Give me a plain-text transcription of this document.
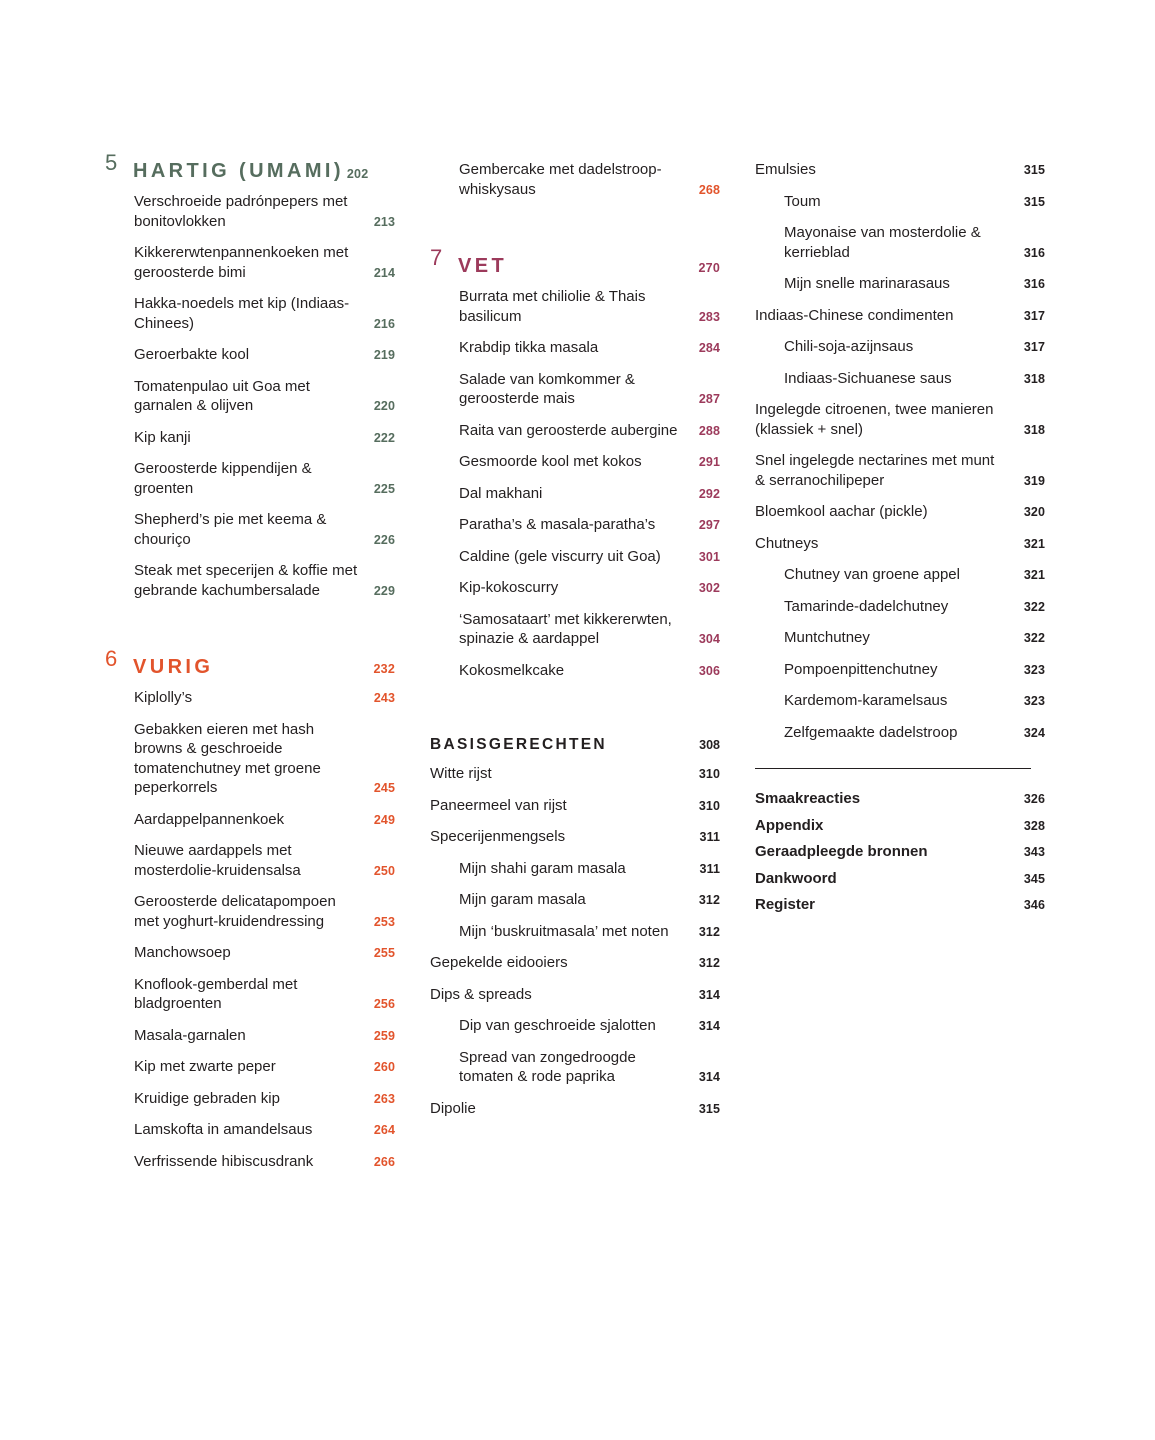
5 HARTIG (UMAMI) 202
Verschroeide padrónpepers met bonitovlokken	213
Kikkererwtenpannenkoeken met geroosterde bimi	214
Hakka-noedels met kip (Indiaas-Chinees)	216
Geroerbakte kool	219
Tomatenpulao uit Goa met garnalen & olijven	220
Kip kanji	222
Geroosterde kippendijen & groenten	225
Shepherd’s pie met keema & chouriço	226
Steak met specerijen & koffie met gebrande kachumbersalade	229
6 VURIG	232
Kiplolly’s	243
Gebakken eieren met hash browns & geschroeide tomatenchutney met groene peperkorrels	245
Aardappelpannenkoek	249
Nieuwe aardappels met mosterdolie-kruidensalsa	250
Geroosterde delicatapompoen met yoghurt-kruidendressing	253
Manchowsoep	255
Knoflook-gemberdal met bladgroenten	256
Masala-garnalen	259
Kip met zwarte peper	260
Kruidige gebraden kip	263
Lamskofta in amandelsaus	264
Verfrissende hibiscusdrank	266
Gembercake met dadelstroop-whiskysaus	268
7 VET	270
Burrata met chiliolie & Thais basilicum	283
Krabdip tikka masala	284
Salade van komkommer & geroosterde mais	287
Raita van geroosterde aubergine	288
Gesmoorde kool met kokos	291
Dal makhani	292
Paratha’s & masala-paratha’s	297
Caldine (gele viscurry uit Goa)	301
Kip-kokoscurry	302
‘Samosataart’ met kikkererwten, spinazie & aardappel	304
Kokosmelkcake	306
BASISGERECHTEN	308
Witte rijst	310
Paneermeel van rijst	310
Specerijenmengsels	311
Mijn shahi garam masala	311
Mijn garam masala	312
Mijn ‘buskruitmasala’ met noten	312
Gepekelde eidooiers	312
Dips & spreads	314
Dip van geschroeide sjalotten	314
Spread van zongedroogde tomaten & rode paprika	314
Dipolie	315
Emulsies	315
Toum	315
Mayonaise van mosterdolie & kerrieblad	316
Mijn snelle marinarasaus	316
Indiaas-Chinese condimenten	317
Chili-soja-azijnsaus	317
Indiaas-Sichuanese saus	318
Ingelegde citroenen, twee manieren (klassiek + snel)	318
Snel ingelegde nectarines met munt & serranochilipeper	319
Bloemkool aachar (pickle)	320
Chutneys	321
Chutney van groene appel	321
Tamarinde-dadelchutney	322
Muntchutney	322
Pompoenpittenchutney	323
Kardemom-karamelsaus	323
Zelfgemaakte dadelstroop	324
Smaakreacties	326
Appendix	328
Geraadpleegde bronnen	343
Dankwoord	345
Register	346
